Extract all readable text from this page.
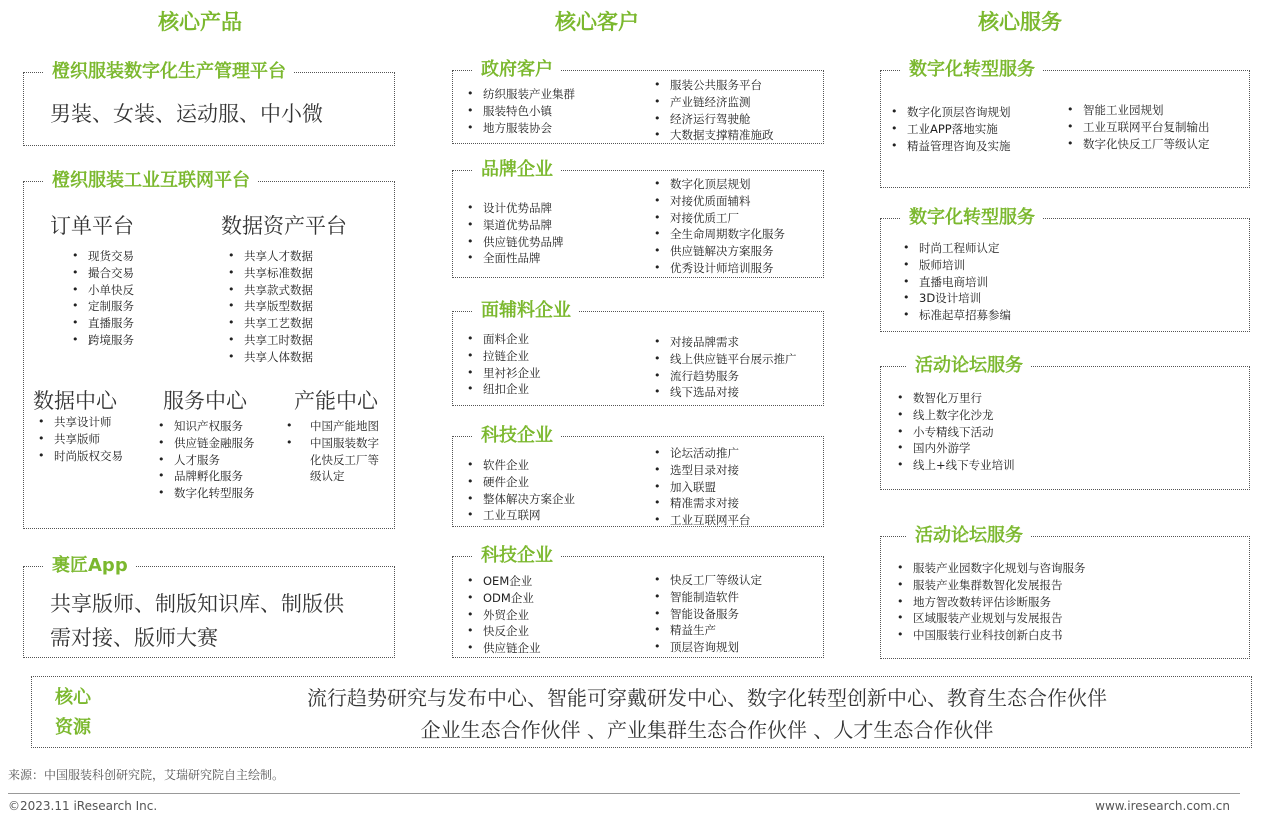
核心产品	核心客户	核心服务
橙织服装数字化生产管理平台
男装、女装、运动服、中小微
橙织服装工业互联网平台
订单平台
• 现货交易
• 撮合交易
• 小单快反
• 定制服务
• 直播服务
• 跨境服务
数据资产平台
• 共享人才数据
• 共享标准数据
• 共享款式数据
• 共享版型数据
• 共享工艺数据
• 共享工时数据
• 共享人体数据
数据中心
• 共享设计师
• 共享版师
• 时尚版权交易
服务中心
• 知识产权服务
• 供应链金融服务
• 人才服务
• 品牌孵化服务
• 数字化转型服务
产能中心
• 中国产能地图
• 中国服装数字
化快反工厂等
级认定
裹匠App
共享版师、制版知识库、制版供
需对接、版师大赛
政府客户
• 纺织服装产业集群
• 服装特色小镇
• 地方服装协会
• 服装公共服务平台
• 产业链经济监测
• 经济运行驾驶舱
• 大数据支撑精准施政
品牌企业
• 设计优势品牌
• 渠道优势品牌
• 供应链优势品牌
• 全面性品牌
• 数字化顶层规划
• 对接优质面辅料
• 对接优质工厂
• 全生命周期数字化服务
• 供应链解决方案服务
• 优秀设计师培训服务
面辅料企业
• 面料企业
• 拉链企业
• 里衬衫企业
• 纽扣企业
• 对接品牌需求
• 线上供应链平台展示推广
• 流行趋势服务
• 线下选品对接
科技企业
• 软件企业
• 硬件企业
• 整体解决方案企业
• 工业互联网
• 论坛活动推广
• 选型目录对接
• 加入联盟
• 精准需求对接
• 工业互联网平台
科技企业
• OEM企业
• ODM企业
• 外贸企业
• 快反企业
• 供应链企业
• 快反工厂等级认定
• 智能制造软件
• 智能设备服务
• 精益生产
• 顶层咨询规划
数字化转型服务
• 数字化顶层咨询规划
• 工业APP落地实施
• 精益管理咨询及实施
• 智能工业园规划
• 工业互联网平台复制输出
• 数字化快反工厂等级认定
数字化转型服务
• 时尚工程师认定
• 版师培训
• 直播电商培训
• 3D设计培训
• 标准起草招募参编
活动论坛服务
• 数智化万里行
• 线上数字化沙龙
• 小专精线下活动
• 国内外游学
• 线上+线下专业培训
活动论坛服务
• 服装产业园数字化规划与咨询服务
• 服装产业集群数智化发展报告
• 地方智改数转评估诊断服务
• 区域服装产业规划与发展报告
• 中国服装行业科技创新白皮书
核心
资源
流行趋势研究与发布中心、智能可穿戴研发中心、数字化转型创新中心、教育生态合作伙伴
企业生态合作伙伴 、产业集群生态合作伙伴 、人才生态合作伙伴
来源：中国服装科创研究院，艾瑞研究院自主绘制。
©2023.11 iResearch Inc.	www.iresearch.com.cn
